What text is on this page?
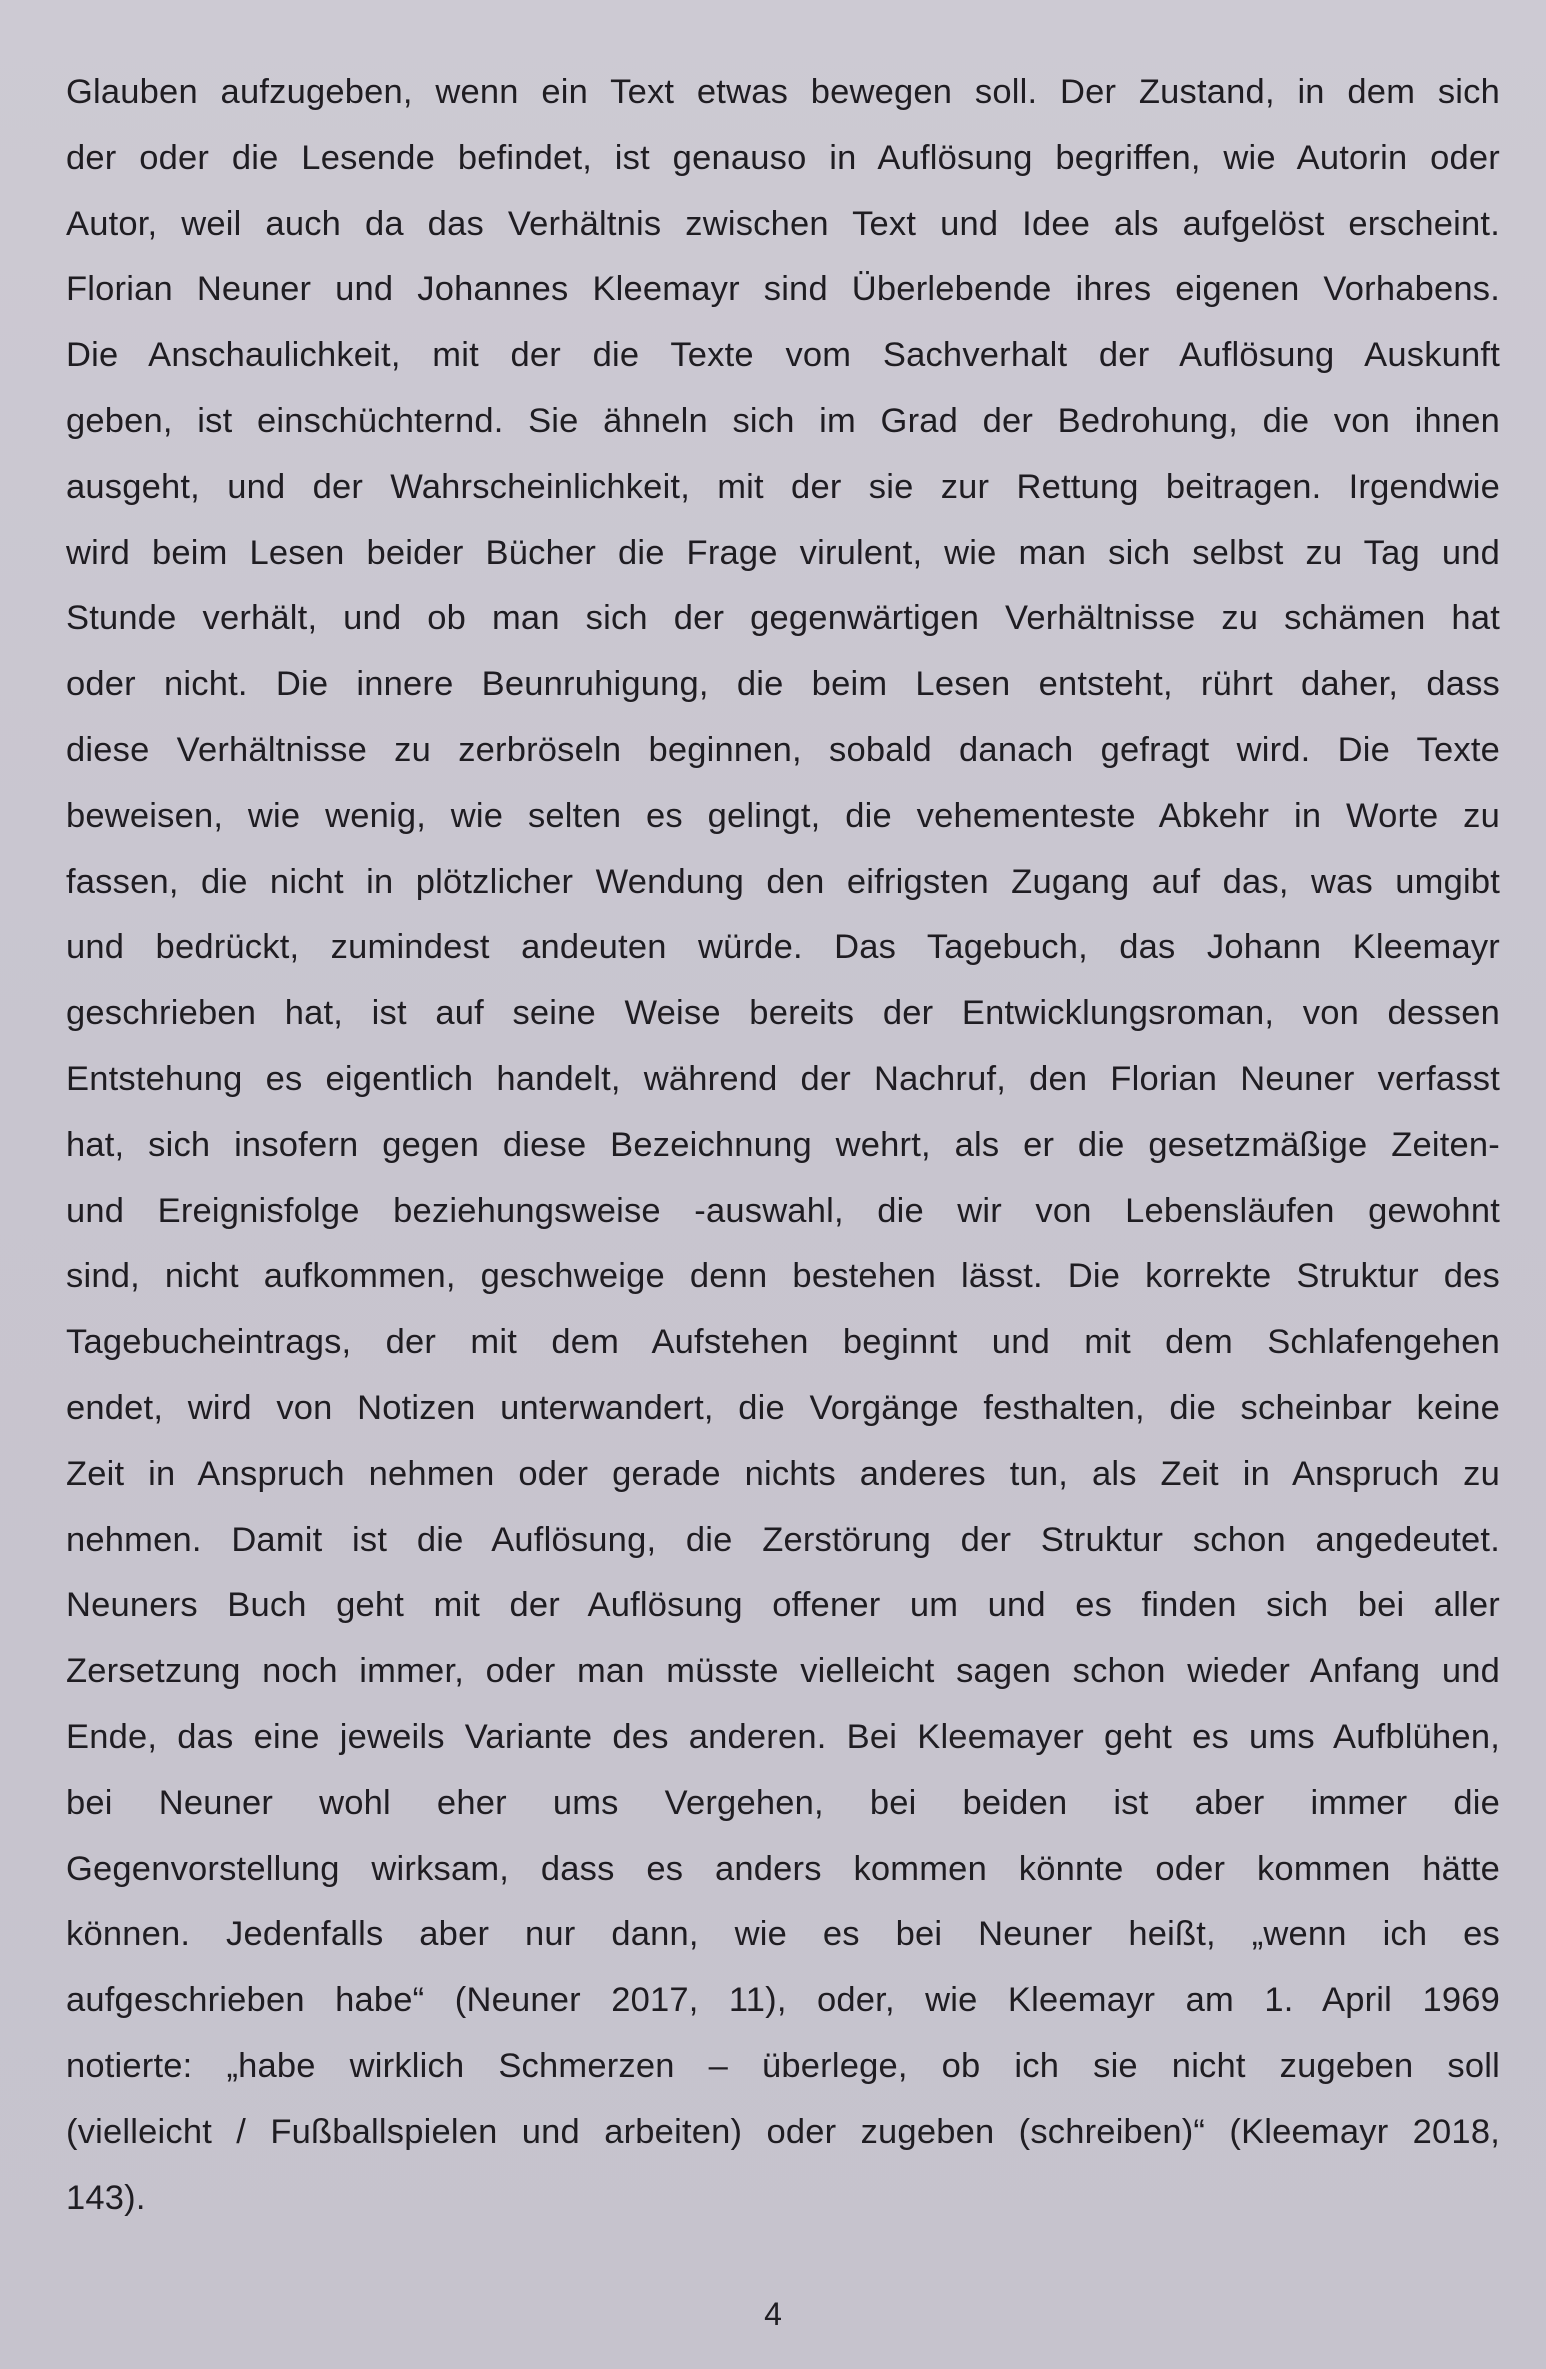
Glauben aufzugeben, wenn ein Text etwas bewegen soll. Der Zustand, in dem sich
der oder die Lesende befindet, ist genauso in Auflösung begriffen, wie Autorin oder
Autor, weil auch da das Verhältnis zwischen Text und Idee als aufgelöst erscheint.
Florian Neuner und Johannes Kleemayr sind Überlebende ihres eigenen Vorhabens.
Die Anschaulichkeit, mit der die Texte vom Sachverhalt der Auflösung Auskunft
geben, ist einschüchternd. Sie ähneln sich im Grad der Bedrohung, die von ihnen
ausgeht, und der Wahrscheinlichkeit, mit der sie zur Rettung beitragen. Irgendwie
wird beim Lesen beider Bücher die Frage virulent, wie man sich selbst zu Tag und
Stunde verhält, und ob man sich der gegenwärtigen Verhältnisse zu schämen hat
oder nicht. Die innere Beunruhigung, die beim Lesen entsteht, rührt daher, dass
diese Verhältnisse zu zerbröseln beginnen, sobald danach gefragt wird. Die Texte
beweisen, wie wenig, wie selten es gelingt, die vehementeste Abkehr in Worte zu
fassen, die nicht in plötzlicher Wendung den eifrigsten Zugang auf das, was umgibt
und bedrückt, zumindest andeuten würde. Das Tagebuch, das Johann Kleemayr
geschrieben hat, ist auf seine Weise bereits der Entwicklungsroman, von dessen
Entstehung es eigentlich handelt, während der Nachruf, den Florian Neuner verfasst
hat, sich insofern gegen diese Bezeichnung wehrt, als er die gesetzmäßige Zeiten-
und Ereignisfolge beziehungsweise -auswahl, die wir von Lebensläufen gewohnt
sind, nicht aufkommen, geschweige denn bestehen lässt. Die korrekte Struktur des
Tagebucheintrags, der mit dem Aufstehen beginnt und mit dem Schlafengehen
endet, wird von Notizen unterwandert, die Vorgänge festhalten, die scheinbar keine
Zeit in Anspruch nehmen oder gerade nichts anderes tun, als Zeit in Anspruch zu
nehmen. Damit ist die Auflösung, die Zerstörung der Struktur schon angedeutet.
Neuners Buch geht mit der Auflösung offener um und es finden sich bei aller
Zersetzung noch immer, oder man müsste vielleicht sagen schon wieder Anfang und
Ende, das eine jeweils Variante des anderen. Bei Kleemayer geht es ums Aufblühen,
bei Neuner wohl eher ums Vergehen, bei beiden ist aber immer die
Gegenvorstellung wirksam, dass es anders kommen könnte oder kommen hätte
können. Jedenfalls aber nur dann, wie es bei Neuner heißt, „wenn ich es
aufgeschrieben habe“ (Neuner 2017, 11), oder, wie Kleemayr am 1. April 1969
notierte: „habe wirklich Schmerzen – überlege, ob ich sie nicht zugeben soll
(vielleicht / Fußballspielen und arbeiten) oder zugeben (schreiben)“ (Kleemayr 2018,
143).
4
